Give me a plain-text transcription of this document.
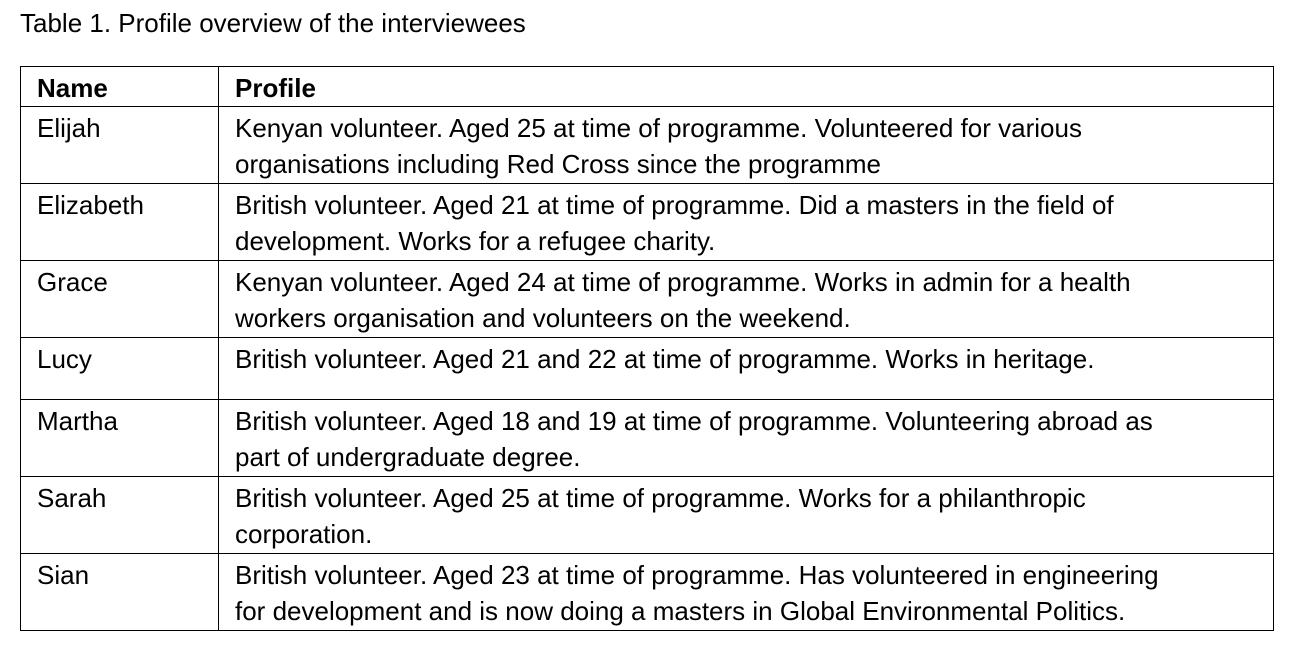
Table 1. Profile overview of the interviewees
Name	Profile
Elijah	Kenyan volunteer. Aged 25 at time of programme. Volunteered for various
organisations including Red Cross since the programme

Elizabeth	British volunteer. Aged 21 at time of programme. Did a masters in the field of
development. Works for a refugee charity.

Grace	Kenyan volunteer. Aged 24 at time of programme. Works in admin for a health
workers organisation and volunteers on the weekend.

Lucy	British volunteer. Aged 21 and 22 at time of programme. Works in heritage.

Martha	British volunteer. Aged 18 and 19 at time of programme. Volunteering abroad as
part of undergraduate degree.

Sarah	British volunteer. Aged 25 at time of programme. Works for a philanthropic
corporation.

Sian	British volunteer. Aged 23 at time of programme. Has volunteered in engineering
for development and is now doing a masters in Global Environmental Politics.
